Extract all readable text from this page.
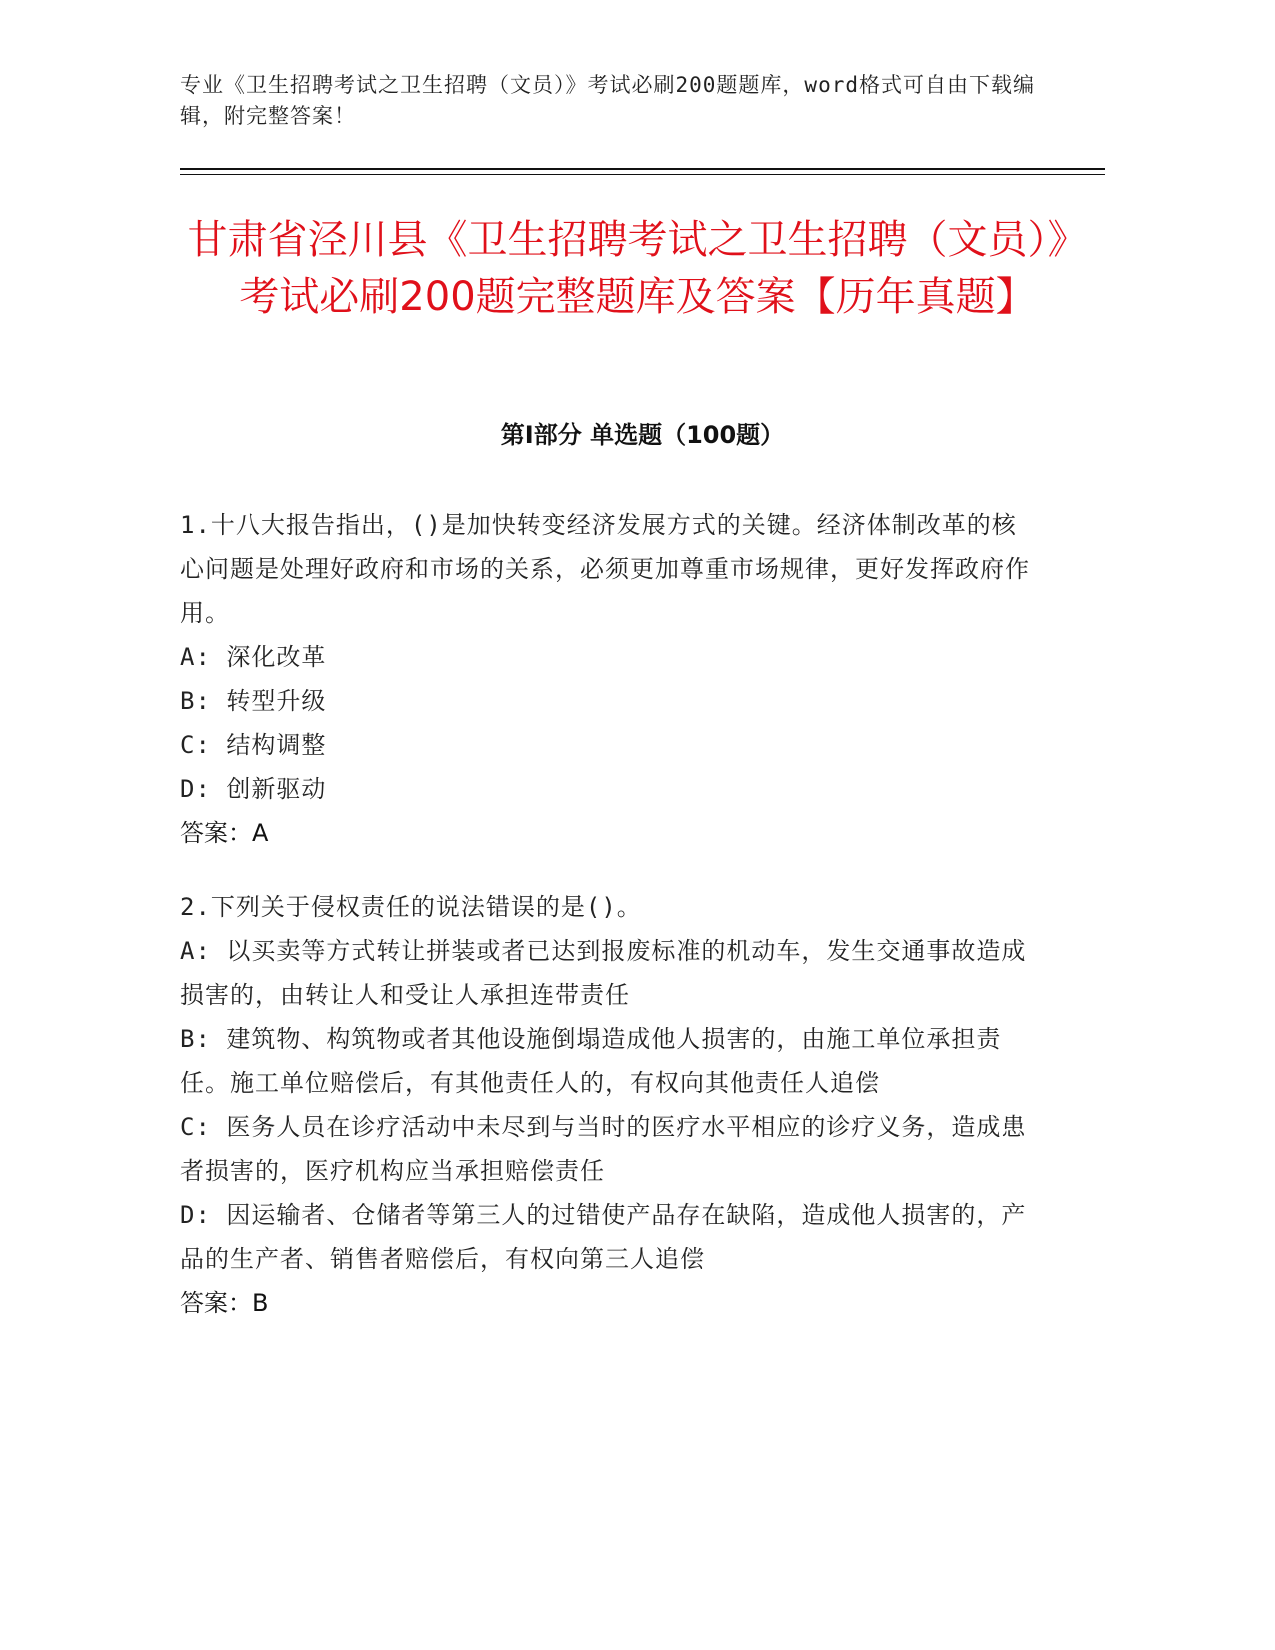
专业《卫生招聘考试之卫生招聘（文员）》考试必刷200题题库，word格式可自由下载编辑，附完整答案！
甘肃省泾川县《卫生招聘考试之卫生招聘（文员）》考试必刷200题完整题库及答案【历年真题】
第I部分 单选题（100题）

1.十八大报告指出，()是加快转变经济发展方式的关键。经济体制改革的核心问题是处理好政府和市场的关系，必须更加尊重市场规律，更好发挥政府作用。

A: 深化改革

B: 转型升级

C: 结构调整

D: 创新驱动

答案：A

2.下列关于侵权责任的说法错误的是()。

A: 以买卖等方式转让拼装或者已达到报废标准的机动车，发生交通事故造成损害的，由转让人和受让人承担连带责任

B: 建筑物、构筑物或者其他设施倒塌造成他人损害的，由施工单位承担责任。施工单位赔偿后，有其他责任人的，有权向其他责任人追偿

C: 医务人员在诊疗活动中未尽到与当时的医疗水平相应的诊疗义务，造成患者损害的，医疗机构应当承担赔偿责任

D: 因运输者、仓储者等第三人的过错使产品存在缺陷，造成他人损害的，产品的生产者、销售者赔偿后，有权向第三人追偿

答案：B
